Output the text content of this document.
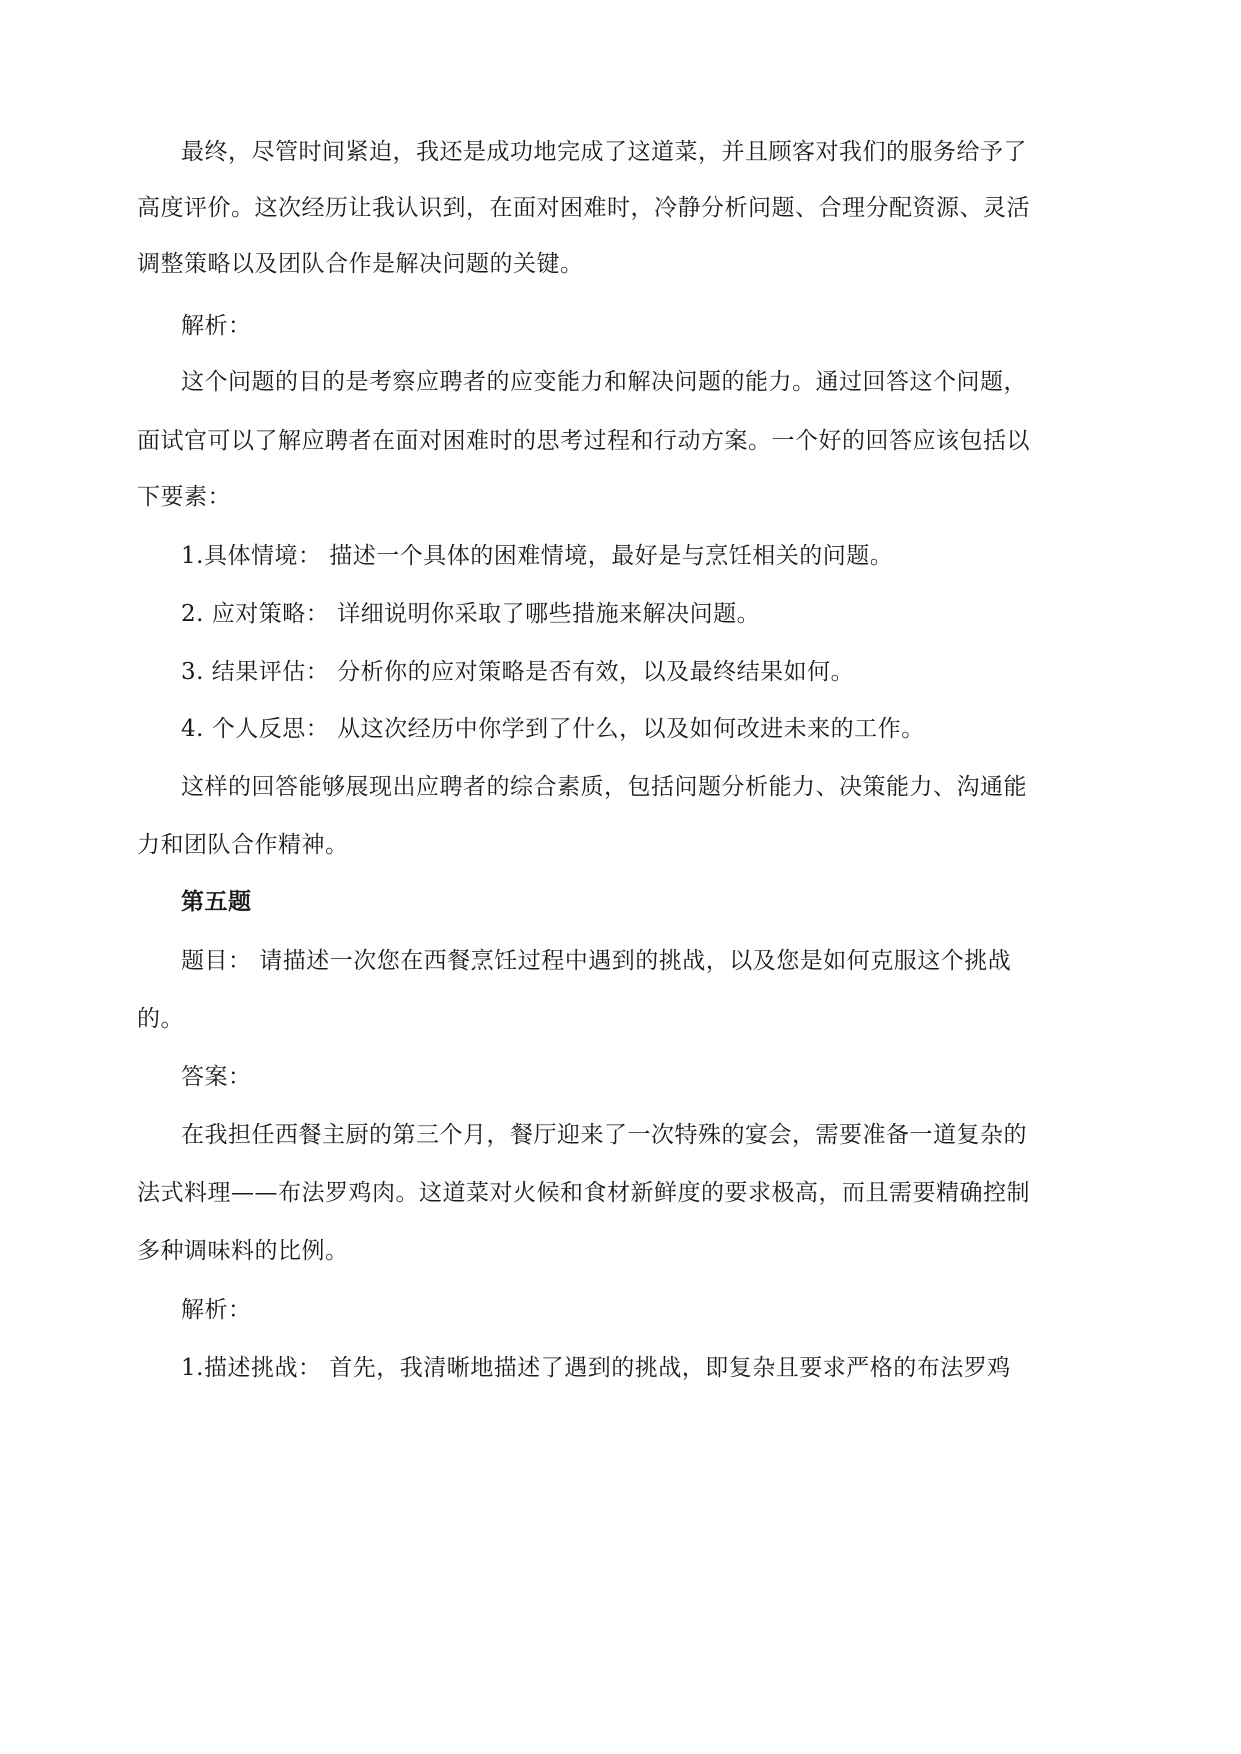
最终，尽管时间紧迫，我还是成功地完成了这道菜，并且顾客对我们的服务给予了
高度评价。这次经历让我认识到，在面对困难时，冷静分析问题、合理分配资源、灵活
调整策略以及团队合作是解决问题的关键。
解析：
这个问题的目的是考察应聘者的应变能力和解决问题的能力。通过回答这个问题，
面试官可以了解应聘者在面对困难时的思考过程和行动方案。一个好的回答应该包括以
下要素：
1.具体情境： 描述一个具体的困难情境，最好是与烹饪相关的问题。
2. 应对策略： 详细说明你采取了哪些措施来解决问题。
3. 结果评估： 分析你的应对策略是否有效，以及最终结果如何。
4. 个人反思： 从这次经历中你学到了什么，以及如何改进未来的工作。
这样的回答能够展现出应聘者的综合素质，包括问题分析能力、决策能力、沟通能
力和团队合作精神。
第五题
题目： 请描述一次您在西餐烹饪过程中遇到的挑战，以及您是如何克服这个挑战
的。
答案：
在我担任西餐主厨的第三个月，餐厅迎来了一次特殊的宴会，需要准备一道复杂的
法式料理——布法罗鸡肉。这道菜对火候和食材新鲜度的要求极高，而且需要精确控制
多种调味料的比例。
解析：
1.描述挑战： 首先，我清晰地描述了遇到的挑战，即复杂且要求严格的布法罗鸡
